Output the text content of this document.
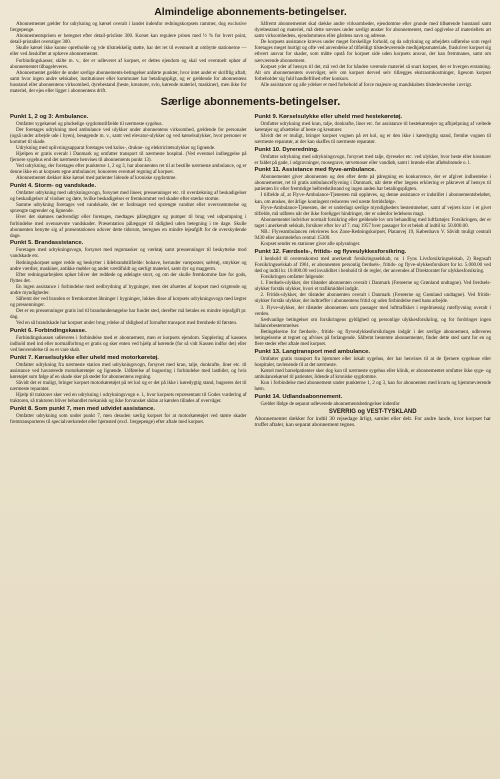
Almindelige abonnements-betingelser.

Abonnementet gælder for udrykning og kørsel overalt i landet indenfor redningskorpsets rammer, dog exclusive færgepenge.

Abonnementsprisen er beregnet efter detail-prisliste 300. Korset kan regulere prisen med ½ % for hvert point, detail-pristallet overstiger 300.

Skulle kørsel ikke kunne opretholde og yde tilstrækkelig støtte, har det ret til eventuelt at ombytte stationerne — eller ved årsskiftet at ophæve abonnementet.

Forbindingskasser, skilte m. v., der er udleveret af korpset, er dettes ejendom og skal ved eventuelt ophør af abonnementet tilbageleveres.

Abonnementet gælder de under særlige abonnements-betingelser anførte punkter, hvor intet andet er skriftlig aftalt, samt hvor ingen andre selskaber, institutioner eller kommuner har betalingspligt, og er gældende for abonnentens husstand eller abonnentens virksomhed, dyrebestand (heste, kreaturer, svin, kørende materiel, maskiner), men ikke for materiel, der ejes eller ligger i abonnentens drift.

Såfremt abonnementet skal dække andre virksomheder, ejendomme eller grunde med tilhørende husstand samt dyrebestand og materiel, må dette nævnes under særligt ønsker for abonnementet, med opgivelse af materiellets art samt virksomhedens, ejendommens eller gårdens navn og adresse.

De korpsets assistance kræves under meget forskellige forhold, og da udrykning og arbejdets udførelse som regel foretages meget hurtigt og ofte ved anvendelse af tilfældigt tilstedeværende medhjælpsmateriale, fraskriver korpset sig ethvert ansvar for skader, som måtte opstå for korpset side uden korpsets ansvar, der kan fremmanes, samt om nærværende abonnement.

Korpset yder af hensyn til det, må ved det for hånden værende materiel så snart korpset, der er hvergen erstatning. Alt om abonnementets overvåget, selv om korpset derved selv tillægges ekstraomkostninger, ligesom korpset forbeholder sig fuld handlefrihed efter konkurs.

Alle assistancer og alle ydelser er med forbehold af force majeure og mandskabets tilstedeværelse i øvrigt.

Særlige abonnements-betingelser.
Punkt 1, 2 og 3: Ambulance.

Omfatter sygekørsel og pludselige sygdomstilfælde til nærmeste sygehus.

Der foretages udrykning med ambulance ved ulykker under abonnentens virksomhed, gældende for personalet (også under arbejde ude i byen), besøgende m. v., samt ved elevator-ulykker og ved kørselsulykker, hvor personer er kommet til skade.

Udrykning med oplivningsapparat foretages ved kulos-, drukne- og elektricitetsulykker og lignende.

Hjælpen er gratis overalt i Danmark og omfatter transport til nærmeste hospital. (Ved eventuel indlæggelse på fjernere sygehus end det nærmeste henvises til abonnements punkt 13).

Ved udrykning, der foretages efter punkterne 1, 2 og 3, har abonnenten ret til at bestille nærmeste ambulance, og er denne ikke en at korpsets egne ambulancer, honoreres eventuel regning af korpset.

Abonnementet dækker ikke kørsel med patienter lidende af kroniske sygdomme.

Punkt 4. Storm- og vandskade.

Omfatter udrykning med udrykningsvogn, forsynet med lineer, pressenninger etc. til overdækning af beskadigelser og beskadigelser af vinduer og døre, hvilke beskadigelser er fremkommet ved skader efter stærke storme.

Samme udrykning foretages ved vandskade, der er forårsaget ved sprængte vandrør eller oversvømmelse og sprængte tagrender og lignende.

Hver det skønnes nødvendigt eller foretages, medtages pålægtigpre og pumper til brug ved udpumpning i forbindelse med ovennævnte vandskader. Præsentation pålægsger til rådighed uden betegning i tre dage. Skulle abonnenten benytte sig af præsentationen udover dette tidsrum, beregnes en mindre lejeafgift for de overskydende dage.

Punkt 5. Brandassistance.

Foretages med udrykningsvogn, forsynet med regnmasker og værktøj samt pressenninger til beskyttelse mod vandskade etc.

Redningskorpset søger redde og beskytter i ildebrandstilfælde: bohave, herunder vareposter, sølvtøj, smykker og andre værdier, maskiner, antikke møbler og andet værdifuldt og særligt materiel, samt dyr og maggerm.

Efter redningsarbejdets ophør bliver det reddede og ødelagte stuvt, og om der skulle fremkomme fare for gods, flyttes det.

En ingen assistance i forbindelse med nedbrydning af bygninger, men det afsættes af korpset med svigtende og andre myndigheder.

Såfremt der ved branden er fremkommet åbninger i bygninger, lukkes disse af korpsets udrykningsvogn med lægter og pressenninger.

Det er en pressenninger gratis ind til brandundersøgelse har fundet sted, derefter må betales en mindre lejeafgift pr. dag.

Ved en så brandskade har korpset under brug ydelse af rådighed af fornuftet transport med fremhede til førsten.

Punkt 6. Forbindingskasse.

Forbindingskassen udleveres i forbindelse med et abonnement, men er korpsets ejendom. Supplering af kassens indhold med ind eller normalforbrug er gratis og sker enten ved hjælp af kørende (for så vidt Kassen indfor det) eller ved henvendelse til os et vare skab.

Punkt 7. Kørselsulykke eller uheld med motorkøretøj.

Omfatter udrykning fra nærmeste station med udrykningsvogn, forsynet med kran, talje, donkrafte, liner etc. til assistance ved havarerede motorkøretøjer og lignende. Udførelse af bugsering i forbindelse med lastbiler, og hvis køretøjet som følge af en skade sker på stedet for abonnentens regning.

Såvidt det er muligt, bringer korpset motorkøretøjet på ret kol og er det på ikke i køredygtig stand, bugseres det til nærmeste reparatør.

Hjælp til traktorer sker ved en udrykning i udrykningsvogn e. l., hvor korpsets repræsentant til Godes vurdering af traktoren, så traktoren bliver behandlet mekanisk og ikke forvansket sådan at kørslen tillades af overvåger.

Punkt 8. Som punkt 7, men med udvidet assistance.

Omfatter udrykning som under punkt 7, men desuden særlig korpset for at motorkøretøjet ved større skader fremtransporteres til specialværkstedet eller hjemsted (excl. færgepenge) efter aftale med korpset.

Punkt 9. Kørselsulykke eller uheld med hestekøretøj.

Omfatter udrykning med kran, talje, donkrafte, liner etc. for assistance til hestekøretøjer og afhjælpning af væltede køretøjer og afsættelse af heste og kreaturer.

Såvidt det er muligt, bringer korpset vognen på ret kol, og er den ikke i køredygtig stand, fremhe vognen til nærmeste reparatør, at der kan skaffes til nærmeste reparatør.

Punkt 10. Dyreredning.

Omfatter udrykning med udrykningsvogn, forsynet med talje, dyreseler etc. ved ulykker, hvor heste eller kreaturer er faldet på gade, i udgravninger, mosegrave, tørvemoser eller vandløb, samt i brønde eller afløbsbrønde o. l.

Punkt 11. Assistance med flyve-ambulance.

Abonnementet giver abonnenten og den efter dette på påregning en konkurrence, der er afgivet indhentelse i abonnementet, ret til gratis ambulanceflyvning i Danmark, når dette efter lægens erklæring er påkrævet af hensyn til patienten liv eller fremtidige helbredstilstand og ingen anden har betalingspligten.

I tilfælde af, at Flyve-Ambulance-Tjenesten må oppløves, og denne assistance er indstillet i abonnementsbeløbet, kan, om ønskes, det årlige kontingent reduceres ved næste fortidsfølge.

Flyve-Ambulance-Tjenesten, der er underlagt særlige myndigheders bestemmelser, samt af vejrets krav i et givet tilfælde, må udføres når der ikke foreligger hindringer, der er udenfor ledelsens magt.

Abonnementet indvirker normalt forsikring eller gældende lov om behandling med luftfartøjer. Forsikringen, der er taget i anerkendt selskab, forsikrer efter lov af 7. maj 1957 hver passager for et beløb af indtil kr. 50.000.00.

NB.: Flyveambulancen rekvireres hos Zone-Redningskorpset, Platanvej 19, København V. Såvidt muligt centralt 9430 eller alarmtelefon central 15300.

Korpset sender en stationer giver alle oplysninger.

Punkt 12. Færdsels-, fritids- og flyveulykkesforsikring.

I henhold til overenskomst med anerkendt forsikringsselskab, nr. 1 Fyns Livsforsikringselskab, 2) Regnsaft Forsikringsselskab af 1961, er abonnenten personlig færdsels-, fritids- og flyve-ulykkesforsikret for kr. 5.000.00 ved død og indtil kr. 10.000.00 ved invaliditet i henhold til de regler, der anvendes af Direktoratet for ulykkesforsikring.

Forsikringen omfatter følgende:

1. Færdsels-ulykker, der tilstøder abonnenten overalt i Danmark (Færøerne og Grønland undtagne). Ved færdsels-ulykker forstås ulykker, hvori et trafikmiddel indgår.

2. Fritids-ulykker, der tilstøder abonnenten overalt i Danmark (Færøerne og Grønland undtagne). Ved fritids-ulykker forstås ulykker, der indtræffer i abonnentens fritid og uden forbindelse med hans arbejde.

3. Flyve-ulykker, der tilstøder abonnenten som passager med lufttrafikker i regelmæssig ruteflyvning overalt i verden.

Sædvanlige betingelser om forsikringens gyldighed og personlige ulykkesforsikring, og for fordringer ingen ballancebestemmelser.

Betingelserne for færdsels-, fritids- og flyveulykkesforsikringen indgår i det særlige abonnement, udleveres betingelserne at tegnet og afvises på forlangende. Såfremt bestemte abonnementer, finder dette sted samt for en og flere steder efter aftale med korpset.

Punkt 13. Langtransport med ambulance.

Omfatter gratis transport fra hjemmet eller lokalt sygehus, der har henvises til at de fjernere sygehuse eller hospitaler, tavlenende til at det nærmeste.

Kørsel med barselpatienter sker dog kun til nærmeste sygehus eller klinik, er abonnementet omfatter ikke syge- og ambulancekørsel til patienter, lidende af kroniske sygdomme.

Kun i forbindelse med abonnement under punkterne 1, 2 og 3, kan for abonnenten med kvarts og hjemmeværende børn.

Punkt 14. Udlandsabonnement.

Gælder ifølge de separat udleverede abonnementsbetingelser indenfor

SVERRIG og VEST-TYSKLAND

Abonnementet dækker for indtil 30 rejsedage årligt, samlet eller delt. For andre lande, kvor korpset har truffet aftaler, kan separat abonnement tegnes.
